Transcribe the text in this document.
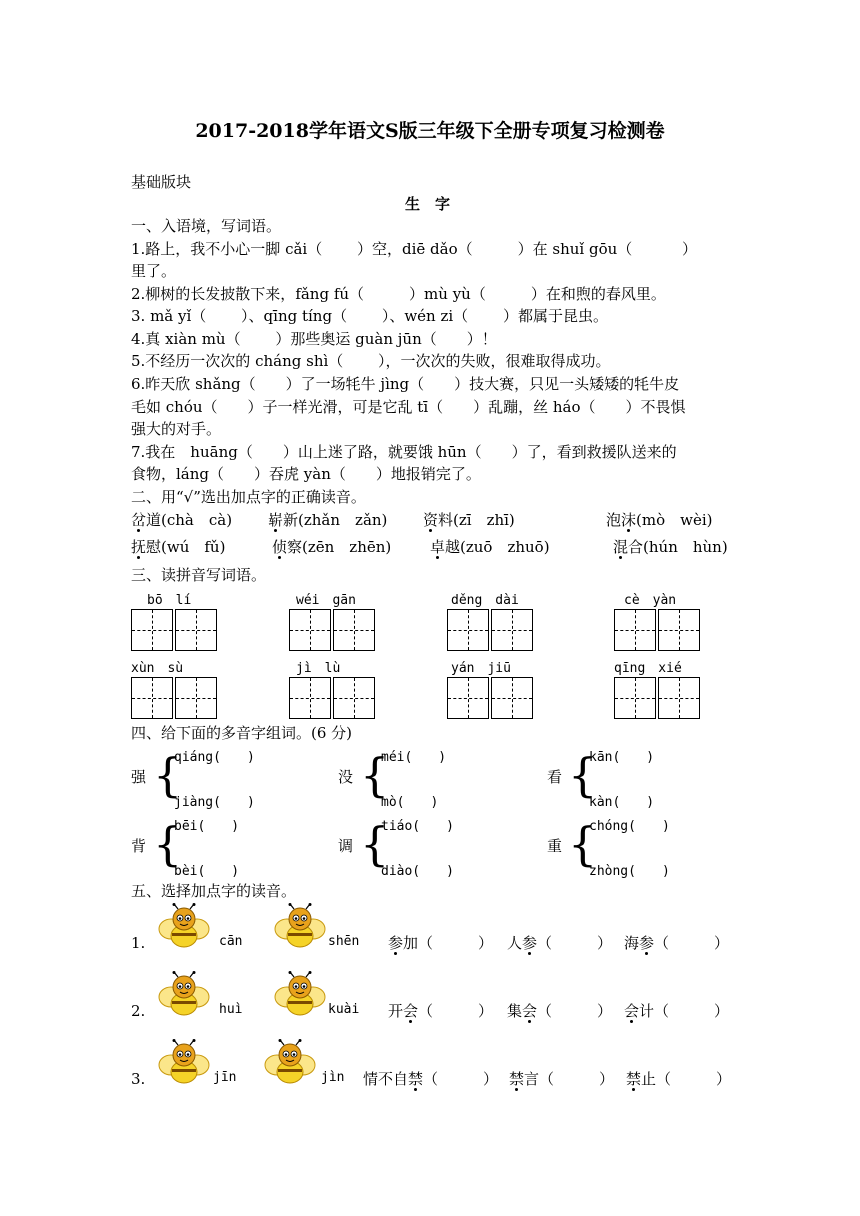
2017-2018学年语文S版三年级下全册专项复习检测卷
基础版块
生　字
一、入语境，写词语。
1.路上，我不小心一脚 cǎi（　　 ）空，diē dǎo（　　　）在 shuǐ gōu（　　　 ）
里了。
2.柳树的长发披散下来，fǎng fú（　　　）mù yù（　　　）在和煦的春风里。
3. mǎ yǐ（　　 ）、qīng tíng（　　 ）、wén zi（　　 ）都属于昆虫。
4.真 xiàn mù（　　 ）那些奥运 guàn jūn（　　）！
5.不经历一次次的 cháng shì（　　 ），一次次的失败，很难取得成功。
6.昨天欣 shǎng（　　）了一场牦牛 jìng（　　）技大赛，只见一头矮矮的牦牛皮
毛如 chóu（　　）子一样光滑，可是它乱 tī（　　）乱蹦，丝 háo（　　）不畏惧
强大的对手。
7.我在　huāng（　　）山上迷了路，就要饿 hūn（　　）了，看到救援队送来的
食物，láng（　　）吞虎 yàn（　　）地报销完了。
二、用“√”选出加点字的正确读音。
岔道(chà　cà) 崭新(zhǎn　zǎn) 资料(zī　zhī)	泡沫(mò　wèi)
抚慰(wú　fǔ)	侦察(zēn　zhēn)	卓越(zuō　zhuō)	混合(hún　hùn)
三、读拼音写词语。
bō　lí	wéi　gān	děng　dài	cè　yàn
xùn　sù	jì　lù	yán　jiū	qīng　xié
四、给下面的多音字组词。(6 分)
qiáng(　　)
强 {
jiàng(　　)
méi(　　)
没 {
mò(　　)
kān(　　)
看 {
kàn(　　)
bēi(　　)
背 {
bèi(　　)
tiáo(　　)
调 {
diào(　　)
chóng(　　)
重 {
zhòng(　　)
五、选择加点字的读音。
1.	cān	shēn 参加（　　　） 人参（　　　） 海参（　　　）
2.	huì	kuài 开会（　　　） 集会（　　　） 会计（　　　）
3.	jīn	jìn 情不自禁（　　　） 禁言（　　　） 禁止（　　　）
